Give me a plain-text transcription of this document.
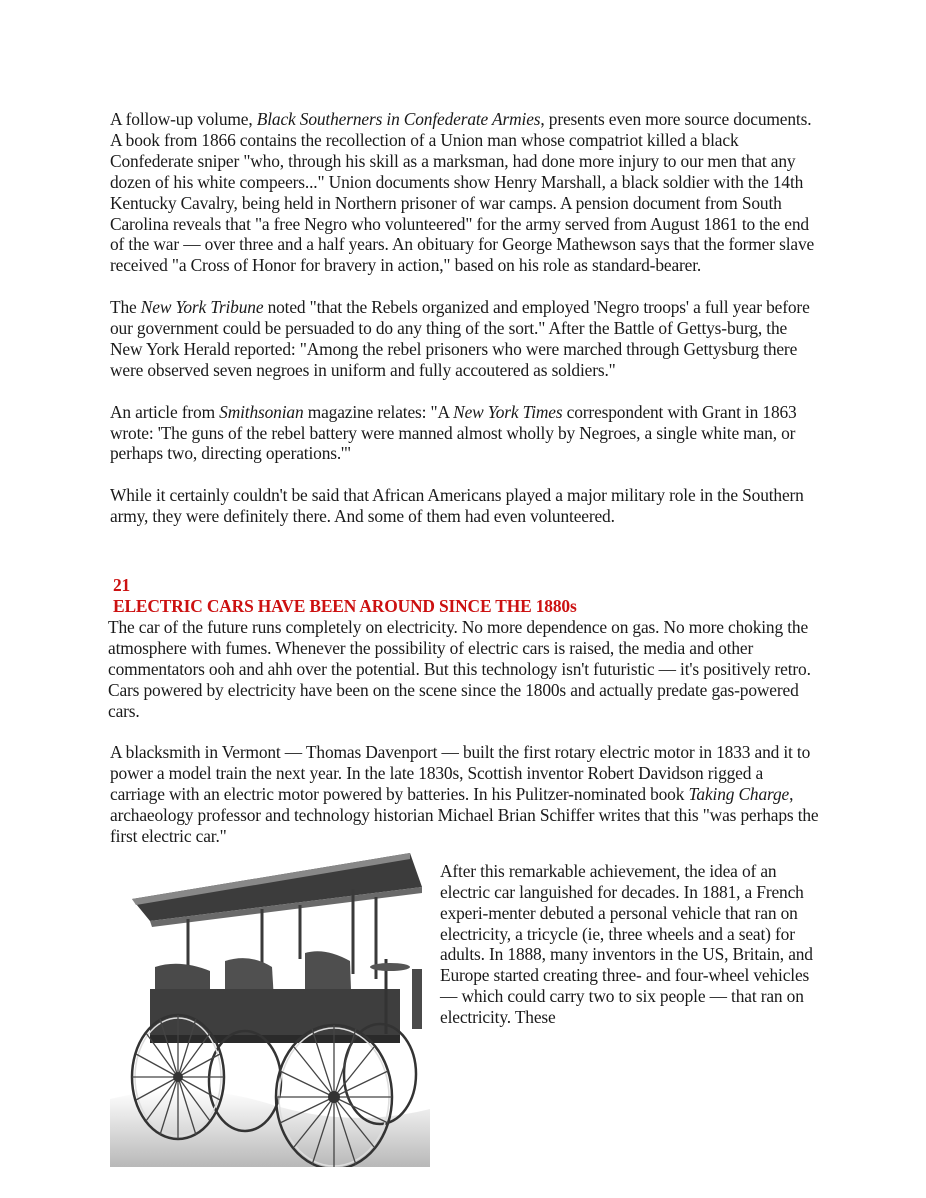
A follow-up volume, Black Southerners in Confederate Armies, presents even more source documents. A book from 1866 contains the recollection of a Union man whose compatriot killed a black Confederate sniper "who, through his skill as a marksman, had done more injury to our men that any dozen of his white compeers..." Union documents show Henry Marshall, a black soldier with the 14th Kentucky Cavalry, being held in Northern prisoner of war camps. A pension document from South Carolina reveals that "a free Negro who volunteered" for the army served from August 1861 to the end of the war — over three and a half years. An obituary for George Mathewson says that the former slave received "a Cross of Honor for bravery in action," based on his role as standard-bearer.

The New York Tribune noted "that the Rebels organized and employed 'Negro troops' a full year before our government could be persuaded to do any thing of the sort." After the Battle of Gettys-burg, the New York Herald reported: "Among the rebel prisoners who were marched through Gettysburg there were observed seven negroes in uniform and fully accoutered as soldiers."

An article from Smithsonian magazine relates: "A New York Times correspondent with Grant in 1863 wrote: 'The guns of the rebel battery were manned almost wholly by Negroes, a single white man, or perhaps two, directing operations.'"

While it certainly couldn't be said that African Americans played a major military role in the Southern army, they were definitely there. And some of them had even volunteered.

21

ELECTRIC CARS HAVE BEEN AROUND SINCE THE 1880s

The car of the future runs completely on electricity. No more dependence on gas. No more choking the atmosphere with fumes. Whenever the possibility of electric cars is raised, the media and other commentators ooh and ahh over the potential. But this technology isn't futuristic — it's positively retro. Cars powered by electricity have been on the scene since the 1800s and actually predate gas-powered cars.

A blacksmith in Vermont — Thomas Davenport — built the first rotary electric motor in 1833 and it to power a model train the next year. In the late 1830s, Scottish inventor Robert Davidson rigged a carriage with an electric motor powered by batteries. In his Pulitzer-nominated book Taking Charge, archaeology professor and technology historian Michael Brian Schiffer writes that this "was perhaps the first electric car."

After this remarkable achievement, the idea of an electric car languished for decades. In 1881, a French experi-menter debuted a personal vehicle that ran on electricity, a tricycle (ie, three wheels and a seat) for adults. In 1888, many inventors in the US, Britain, and Europe started creating three- and four-wheel vehicles — which could carry two to six people — that ran on electricity. These
